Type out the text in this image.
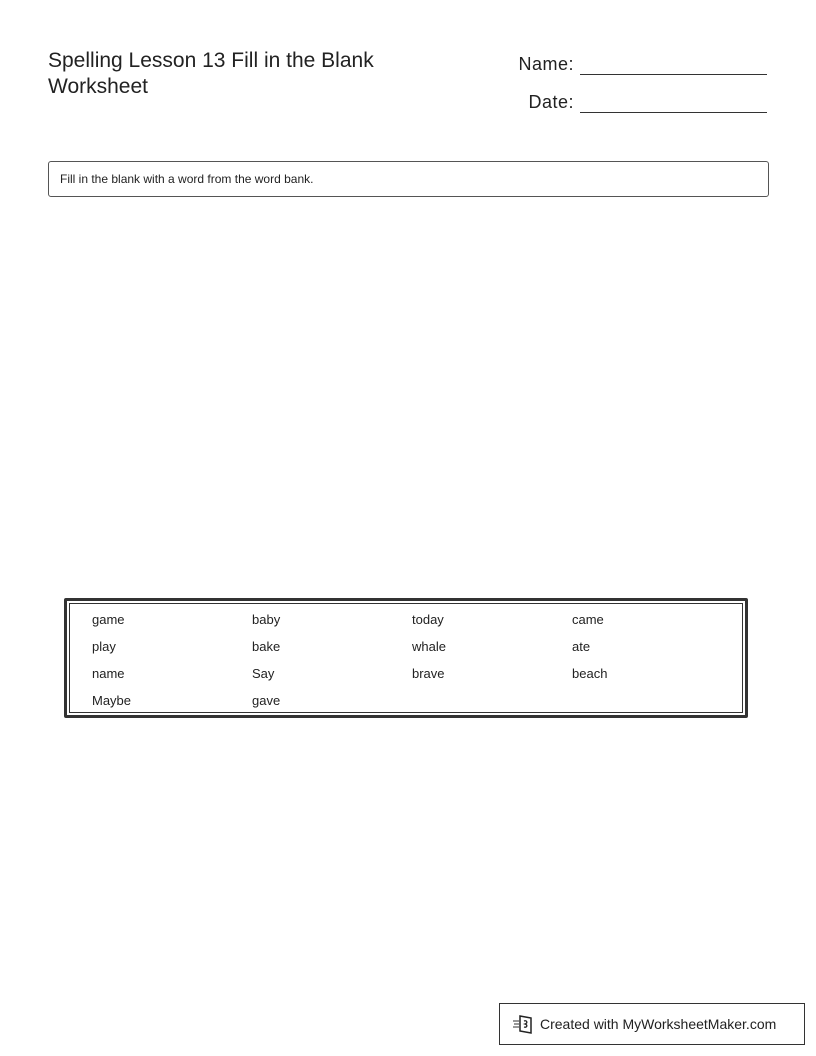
Spelling Lesson 13 Fill in the Blank Worksheet
Name:
Date:
Fill in the blank with a word from the word bank.
game	baby	today	came
play	bake	whale	ate
name	Say	brave	beach
Maybe	gave
Created with MyWorksheetMaker.com
